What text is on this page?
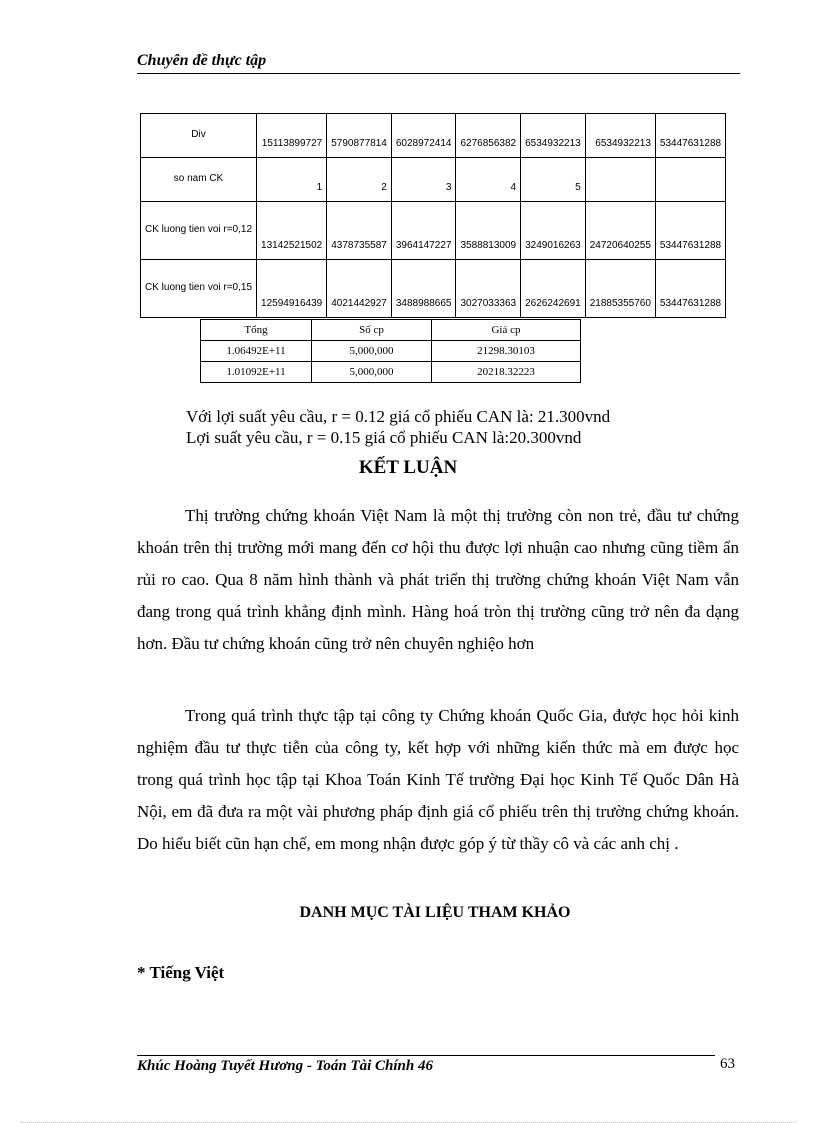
Chuyên đề thực tập
Div	15113899727	5790877814	6028972414	6276856382	6534932213	6534932213	53447631288
so nam CK	1	2	3	4	5		
CK luong tien voi r=0,12	13142521502	4378735587	3964147227	3588813009	3249016263	24720640255	53447631288
CK luong tien voi r=0,15	12594916439	4021442927	3488988665	3027033363	2626242691	21885355760	53447631288
Tổng	Số cp	Giá cp
1.06492E+11	5,000,000	21298.30103
1.01092E+11	5,000,000	20218.32223
Với lợi suất yêu cầu, r = 0.12 giá cổ phiếu CAN là: 21.300vnd
Lợi suất yêu cầu, r = 0.15 giá cổ phiếu CAN là:20.300vnd
KẾT LUẬN
Thị trường chứng khoán Việt Nam là một thị trường còn non trẻ, đầu tư chứng khoán trên thị trường mới mang đến cơ hội thu được lợi nhuận cao nhưng cũng tiềm ẩn rủi ro cao. Qua 8 năm hình thành và phát triển thị trường chứng khoán Việt Nam vẫn đang trong quá trình khẳng định mình. Hàng hoá tròn thị trường cũng trở nên đa dạng hơn. Đầu tư chứng khoán cũng trở nên chuyên nghiệo hơn
Trong quá trình thực tập tại công ty Chứng khoán Quốc Gia, được học hỏi kinh nghiệm đầu tư thực tiễn của công ty, kết hợp với những kiến thức mà em được học trong quá trình học tập tại Khoa Toán Kinh Tế trường Đại học Kinh Tế Quốc Dân Hà Nội, em đã đưa ra một vài phương pháp định giá cổ phiếu trên thị trường chứng khoán. Do hiểu biết cũn hạn chế, em mong nhận được góp ý từ thầy cô và các anh chị .
DANH MỤC TÀI LIỆU THAM KHẢO
* Tiếng Việt
Khúc Hoàng Tuyết Hương - Toán Tài Chính 46	63
